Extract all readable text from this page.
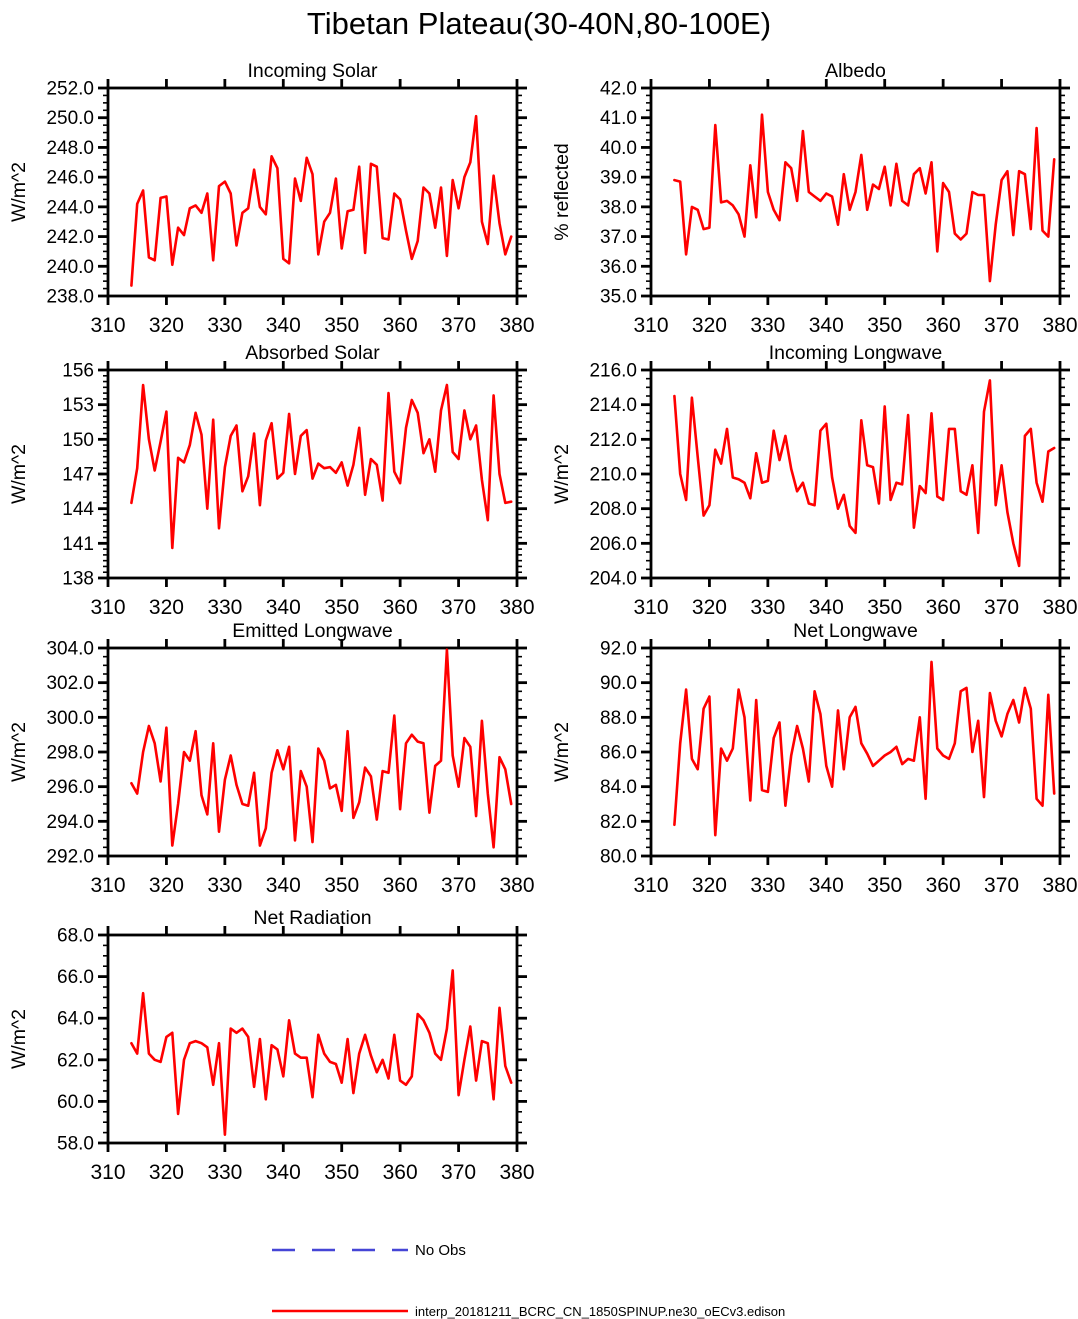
Tibetan Plateau(30-40N,80-100E)
238.0
240.0
242.0
244.0
246.0
248.0
250.0
252.0
310 320 330 340 350 360 370 380
Incoming Solar
W/m^2
35.0
36.0
37.0
38.0
39.0
40.0
41.0
42.0
310 320 330 340 350 360 370 380
Albedo
% reflected
138
141
144
147
150
153
156
310 320 330 340 350 360 370 380
Absorbed Solar
W/m^2
204.0
206.0
208.0
210.0
212.0
214.0
216.0
310 320 330 340 350 360 370 380
Incoming Longwave
W/m^2
292.0
294.0
296.0
298.0
300.0
302.0
304.0
310 320 330 340 350 360 370 380
Emitted Longwave
W/m^2
80.0
82.0
84.0
86.0
88.0
90.0
92.0
310 320 330 340 350 360 370 380
Net Longwave
W/m^2
58.0
60.0
62.0
64.0
66.0
68.0
310 320 330 340 350 360 370 380
Net Radiation
W/m^2
No Obs
interp_20181211_BCRC_CN_1850SPINUP.ne30_oECv3.edison
